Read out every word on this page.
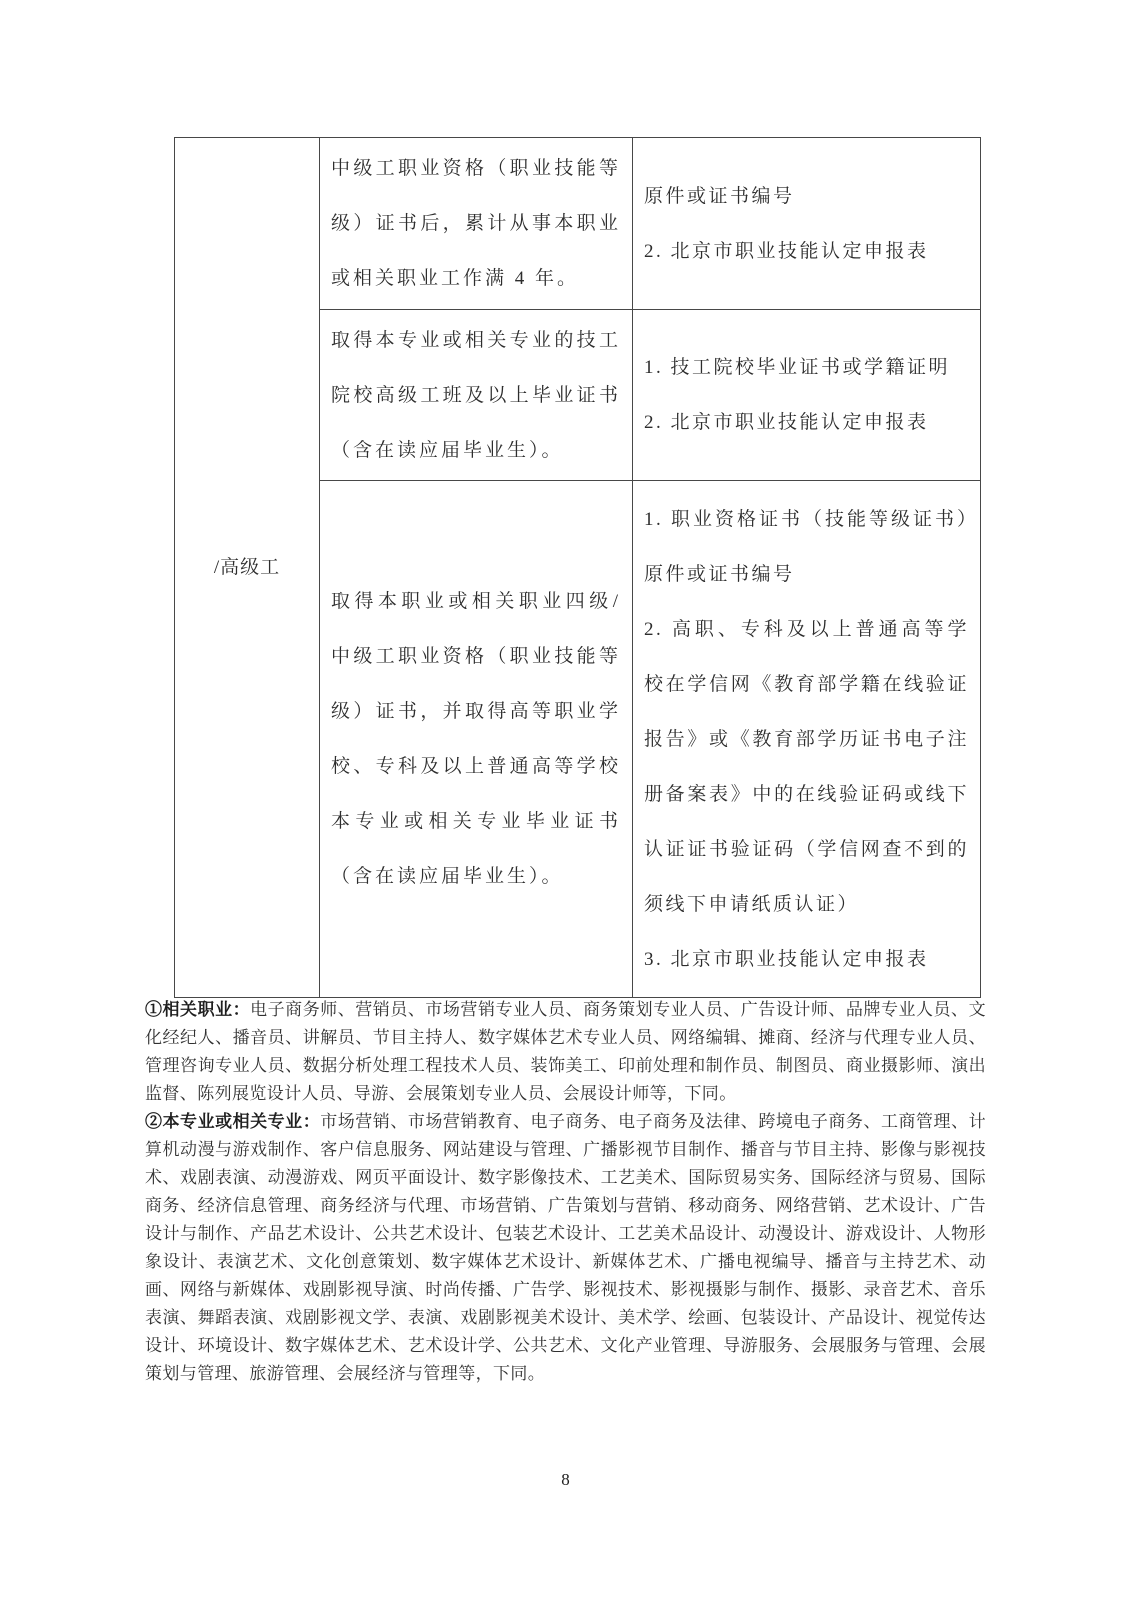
/高级工	中级工职业资格（职业技能等级）证书后，累计从事本职业或相关职业工作满 4 年。	原件或证书编号

2. 北京市职业技能认定申报表

	取得本专业或相关专业的技工院校高级工班及以上毕业证书（含在读应届毕业生）。	1. 技工院校毕业证书或学籍证明

2. 北京市职业技能认定申报表

	取得本职业或相关职业四级/中级工职业资格（职业技能等级）证书，并取得高等职业学校、专科及以上普通高等学校本专业或相关专业毕业证书（含在读应届毕业生）。	1. 职业资格证书（技能等级证书）原件或证书编号

2. 高职、专科及以上普通高等学校在学信网《教育部学籍在线验证报告》或《教育部学历证书电子注册备案表》中的在线验证码或线下认证证书验证码（学信网查不到的须线下申请纸质认证）

3. 北京市职业技能认定申报表

①相关职业：电子商务师、营销员、市场营销专业人员、商务策划专业人员、广告设计师、品牌专业人员、文化经纪人、播音员、讲解员、节目主持人、数字媒体艺术专业人员、网络编辑、摊商、经济与代理专业人员、管理咨询专业人员、数据分析处理工程技术人员、装饰美工、印前处理和制作员、制图员、商业摄影师、演出监督、陈列展览设计人员、导游、会展策划专业人员、会展设计师等，下同。

②本专业或相关专业：市场营销、市场营销教育、电子商务、电子商务及法律、跨境电子商务、工商管理、计算机动漫与游戏制作、客户信息服务、网站建设与管理、广播影视节目制作、播音与节目主持、影像与影视技术、戏剧表演、动漫游戏、网页平面设计、数字影像技术、工艺美术、国际贸易实务、国际经济与贸易、国际商务、经济信息管理、商务经济与代理、市场营销、广告策划与营销、移动商务、网络营销、艺术设计、广告设计与制作、产品艺术设计、公共艺术设计、包装艺术设计、工艺美术品设计、动漫设计、游戏设计、人物形象设计、表演艺术、文化创意策划、数字媒体艺术设计、新媒体艺术、广播电视编导、播音与主持艺术、动画、网络与新媒体、戏剧影视导演、时尚传播、广告学、影视技术、影视摄影与制作、摄影、录音艺术、音乐表演、舞蹈表演、戏剧影视文学、表演、戏剧影视美术设计、美术学、绘画、包装设计、产品设计、视觉传达设计、环境设计、数字媒体艺术、艺术设计学、公共艺术、文化产业管理、导游服务、会展服务与管理、会展策划与管理、旅游管理、会展经济与管理等，下同。

8
